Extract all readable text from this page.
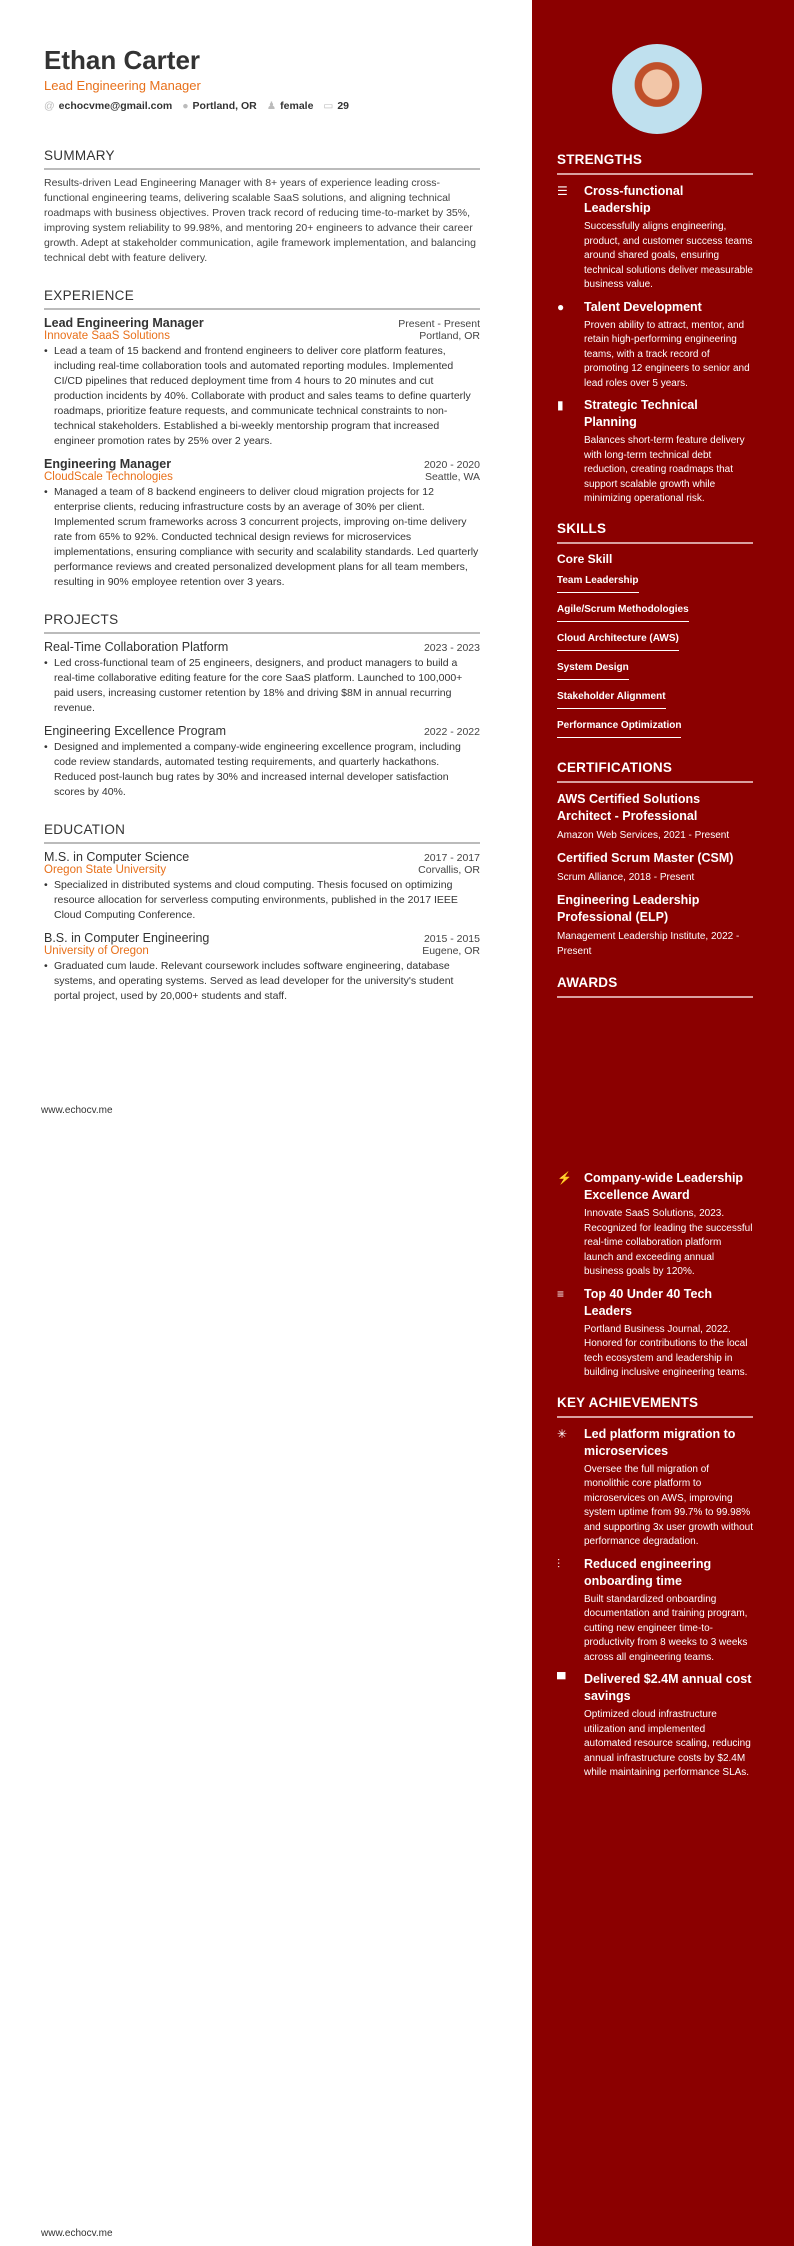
Ethan Carter
Lead Engineering Manager
@ echocvme@gmail.com ● Portland, OR ♟ female ▭ 29
SUMMARY
Results-driven Lead Engineering Manager with 8+ years of experience leading cross-functional engineering teams, delivering scalable SaaS solutions, and aligning technical roadmaps with business objectives. Proven track record of reducing time-to-market by 35%, improving system reliability to 99.98%, and mentoring 20+ engineers to advance their career growth. Adept at stakeholder communication, agile framework implementation, and balancing technical debt with feature delivery.
EXPERIENCE
Lead Engineering Manager	Present - Present
Innovate SaaS Solutions	Portland, OR
• Lead a team of 15 backend and frontend engineers to deliver core platform features, including real-time collaboration tools and automated reporting modules. Implemented CI/CD pipelines that reduced deployment time from 4 hours to 20 minutes and cut production incidents by 40%. Collaborate with product and sales teams to define quarterly roadmaps, prioritize feature requests, and communicate technical constraints to non-technical stakeholders. Established a bi-weekly mentorship program that increased engineer promotion rates by 25% over 2 years.
Engineering Manager	2020 - 2020
CloudScale Technologies	Seattle, WA
• Managed a team of 8 backend engineers to deliver cloud migration projects for 12 enterprise clients, reducing infrastructure costs by an average of 30% per client. Implemented scrum frameworks across 3 concurrent projects, improving on-time delivery rate from 65% to 92%. Conducted technical design reviews for microservices implementations, ensuring compliance with security and scalability standards. Led quarterly performance reviews and created personalized development plans for all team members, resulting in 90% employee retention over 3 years.
PROJECTS
Real-Time Collaboration Platform	2023 - 2023
• Led cross-functional team of 25 engineers, designers, and product managers to build a real-time collaborative editing feature for the core SaaS platform. Launched to 100,000+ paid users, increasing customer retention by 18% and driving $8M in annual recurring revenue.
Engineering Excellence Program	2022 - 2022
• Designed and implemented a company-wide engineering excellence program, including code review standards, automated testing requirements, and quarterly hackathons. Reduced post-launch bug rates by 30% and increased internal developer satisfaction scores by 40%.
EDUCATION
M.S. in Computer Science	2017 - 2017
Oregon State University	Corvallis, OR
• Specialized in distributed systems and cloud computing. Thesis focused on optimizing resource allocation for serverless computing environments, published in the 2017 IEEE Cloud Computing Conference.
B.S. in Computer Engineering	2015 - 2015
University of Oregon	Eugene, OR
• Graduated cum laude. Relevant coursework includes software engineering, database systems, and operating systems. Served as lead developer for the university's student portal project, used by 20,000+ students and staff.
www.echocv.me
www.echocv.me
STRENGTHS
☰	Cross-functional Leadership
Successfully aligns engineering, product, and customer success teams around shared goals, ensuring technical solutions deliver measurable business value.
●	Talent Development
Proven ability to attract, mentor, and retain high-performing engineering teams, with a track record of promoting 12 engineers to senior and lead roles over 5 years.
▮	Strategic Technical Planning
Balances short-term feature delivery with long-term technical debt reduction, creating roadmaps that support scalable growth while minimizing operational risk.
SKILLS
Core Skill
Team Leadership
Agile/Scrum Methodologies
Cloud Architecture (AWS)
System Design
Stakeholder Alignment
Performance Optimization
CERTIFICATIONS
AWS Certified Solutions Architect - Professional
Amazon Web Services, 2021 - Present
Certified Scrum Master (CSM)
Scrum Alliance, 2018 - Present
Engineering Leadership Professional (ELP)
Management Leadership Institute, 2022 - Present
AWARDS
⚡ Company-wide Leadership Excellence Award
Innovate SaaS Solutions, 2023. Recognized for leading the successful real-time collaboration platform launch and exceeding annual business goals by 120%.
≡	Top 40 Under 40 Tech Leaders
Portland Business Journal, 2022. Honored for contributions to the local tech ecosystem and leadership in building inclusive engineering teams.
KEY ACHIEVEMENTS
✳	Led platform migration to microservices
Oversee the full migration of monolithic core platform to microservices on AWS, improving system uptime from 99.7% to 99.98% and supporting 3x user growth without performance degradation.
⫶	Reduced engineering onboarding time
Built standardized onboarding documentation and training program, cutting new engineer time-to-productivity from 8 weeks to 3 weeks across all engineering teams.
▀	Delivered $2.4M annual cost savings
Optimized cloud infrastructure utilization and implemented automated resource scaling, reducing annual infrastructure costs by $2.4M while maintaining performance SLAs.
